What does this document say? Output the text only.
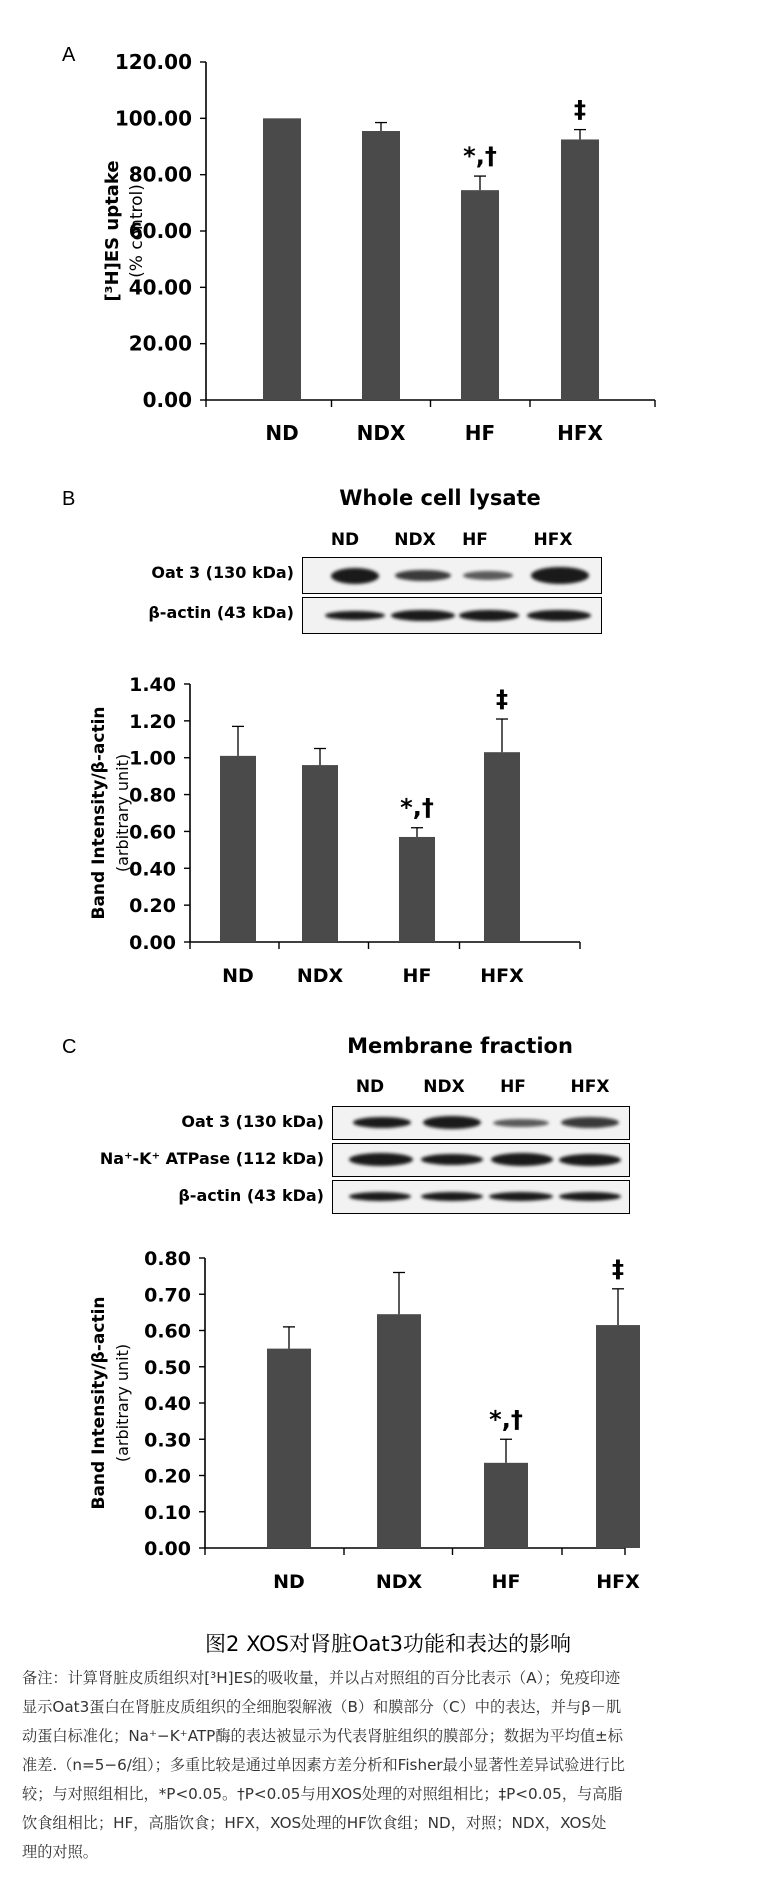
A
0.00
20.00
40.00
60.00
80.00
100.00
120.00
ND	NDX
*,†
HF
‡
HFX
[³H]ES uptake (% control)
B	Whole cell lysate
ND	NDX	HF	HFX
Oat 3 (130 kDa)
β-actin (43 kDa)
0.00
0.20
0.40
0.60
0.80
1.00
1.20
1.40
ND NDX
*,†
HF
‡
HFX
Band Intensity/β-actin (arbitrary unit)
C	Membrane fraction
ND	NDX	HF	HFX
Oat 3 (130 kDa)
Na⁺-K⁺ ATPase (112 kDa)
β-actin (43 kDa)
0.00
0.10
0.20
0.30
0.40
0.50
0.60
0.70
0.80
ND	NDX
*,†
HF
‡
HFX
Band Intensity/β-actin (arbitrary unit)
图2 XOS对肾脏Oat3功能和表达的影响

备注：计算肾脏皮质组织对[³H]ES的吸收量，并以占对照组的百分比表示（A）；免疫印迹

显示Oat3蛋白在肾脏皮质组织的全细胞裂解液（B）和膜部分（C）中的表达，并与β－肌

动蛋白标准化；Na⁺−K⁺ATP酶的表达被显示为代表肾脏组织的膜部分；数据为平均值±标

准差.（n=5−6/组）；多重比较是通过单因素方差分析和Fisher最小显著性差异试验进行比

较；与对照组相比，*P<0.05。†P<0.05与用XOS处理的对照组相比；‡P<0.05，与高脂

饮食组相比；HF，高脂饮食；HFX，XOS处理的HF饮食组；ND，对照；NDX，XOS处

理的对照。
